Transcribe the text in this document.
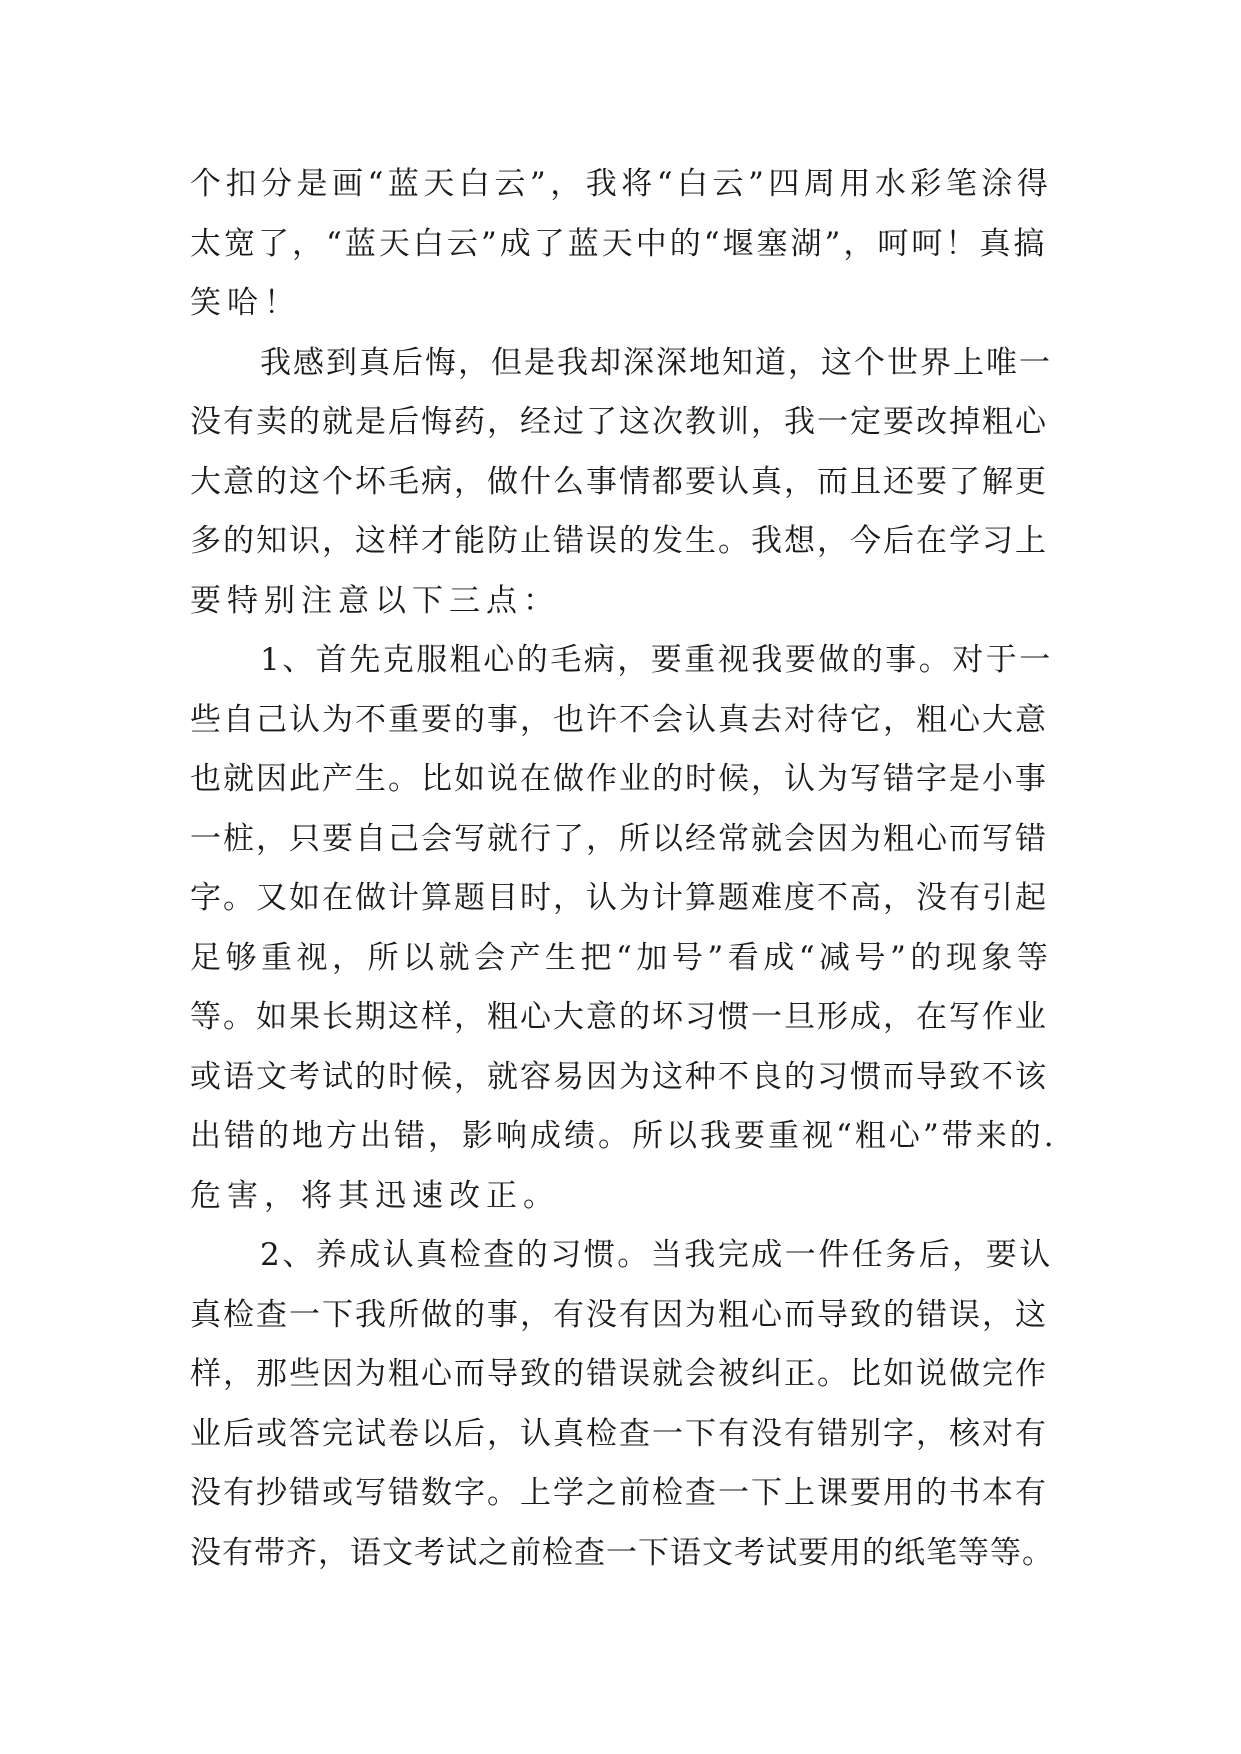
个扣分是画“蓝天白云”，我将“白云”四周用水彩笔涂得
太宽了，“蓝天白云”成了蓝天中的“堰塞湖”，呵呵！真搞
笑哈！
我感到真后悔，但是我却深深地知道，这个世界上唯一
没有卖的就是后悔药，经过了这次教训，我一定要改掉粗心
大意的这个坏毛病，做什么事情都要认真，而且还要了解更
多的知识，这样才能防止错误的发生。我想，今后在学习上
要特别注意以下三点：
1、首先克服粗心的毛病，要重视我要做的事。对于一
些自己认为不重要的事，也许不会认真去对待它，粗心大意
也就因此产生。比如说在做作业的时候，认为写错字是小事
一桩，只要自己会写就行了，所以经常就会因为粗心而写错
字。又如在做计算题目时，认为计算题难度不高，没有引起
足够重视，所以就会产生把“加号”看成“减号”的现象等
等。如果长期这样，粗心大意的坏习惯一旦形成，在写作业
或语文考试的时候，就容易因为这种不良的习惯而导致不该
出错的地方出错，影响成绩。所以我要重视“粗心”带来的.
危害，将其迅速改正。
2、养成认真检查的习惯。当我完成一件任务后，要认
真检查一下我所做的事，有没有因为粗心而导致的错误，这
样，那些因为粗心而导致的错误就会被纠正。比如说做完作
业后或答完试卷以后，认真检查一下有没有错别字，核对有
没有抄错或写错数字。上学之前检查一下上课要用的书本有
没有带齐，语文考试之前检查一下语文考试要用的纸笔等等。
